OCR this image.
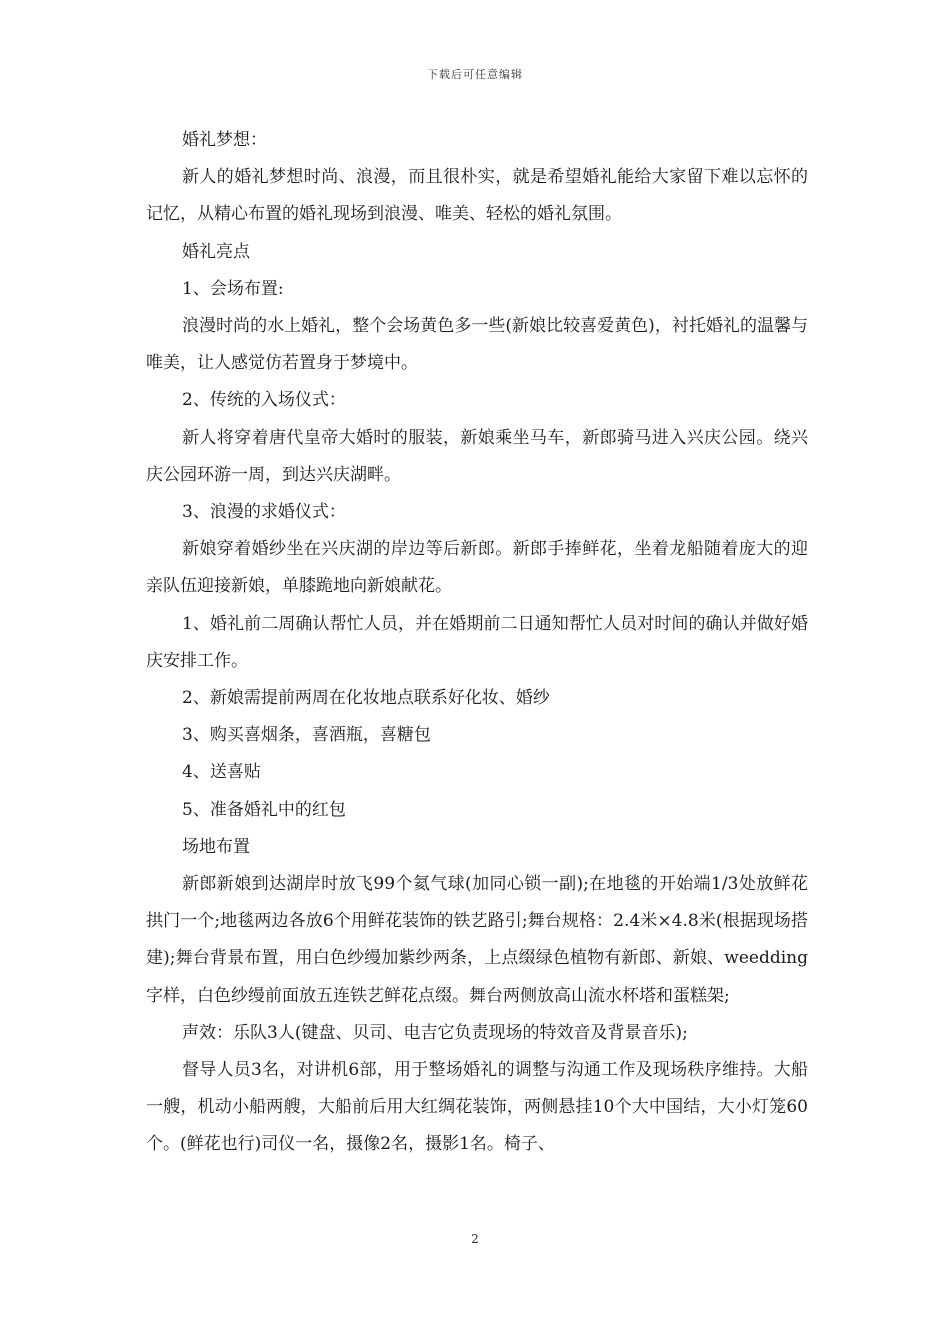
下载后可任意编辑

婚礼梦想：

新人的婚礼梦想时尚、浪漫，而且很朴实，就是希望婚礼能给大家留下难以忘怀的记忆，从精心布置的婚礼现场到浪漫、唯美、轻松的婚礼氛围。

婚礼亮点

1、会场布置:

浪漫时尚的水上婚礼，整个会场黄色多一些(新娘比较喜爱黄色)，衬托婚礼的温馨与唯美，让人感觉仿若置身于梦境中。

2、传统的入场仪式：

新人将穿着唐代皇帝大婚时的服装，新娘乘坐马车，新郎骑马进入兴庆公园。绕兴庆公园环游一周，到达兴庆湖畔。

3、浪漫的求婚仪式：

新娘穿着婚纱坐在兴庆湖的岸边等后新郎。新郎手捧鲜花，坐着龙船随着庞大的迎亲队伍迎接新娘，单膝跪地向新娘献花。

1、婚礼前二周确认帮忙人员，并在婚期前二日通知帮忙人员对时间的确认并做好婚庆安排工作。

2、新娘需提前两周在化妆地点联系好化妆、婚纱

3、购买喜烟条，喜酒瓶，喜糖包

4、送喜贴

5、准备婚礼中的红包

场地布置

新郎新娘到达湖岸时放飞99个氦气球(加同心锁一副);在地毯的开始端1/3处放鲜花拱门一个;地毯两边各放6个用鲜花装饰的铁艺路引;舞台规格：2.4米×4.8米(根据现场搭建);舞台背景布置，用白色纱缦加紫纱两条，上点缀绿色植物有新郎、新娘、weedding字样，白色纱缦前面放五连铁艺鲜花点缀。舞台两侧放高山流水杯塔和蛋糕架;

声效：乐队3人(键盘、贝司、电吉它负责现场的特效音及背景音乐);

督导人员3名，对讲机6部，用于整场婚礼的调整与沟通工作及现场秩序维持。大船一艘，机动小船两艘，大船前后用大红绸花装饰，两侧悬挂10个大中国结，大小灯笼60个。(鲜花也行)司仪一名，摄像2名，摄影1名。椅子、

2
